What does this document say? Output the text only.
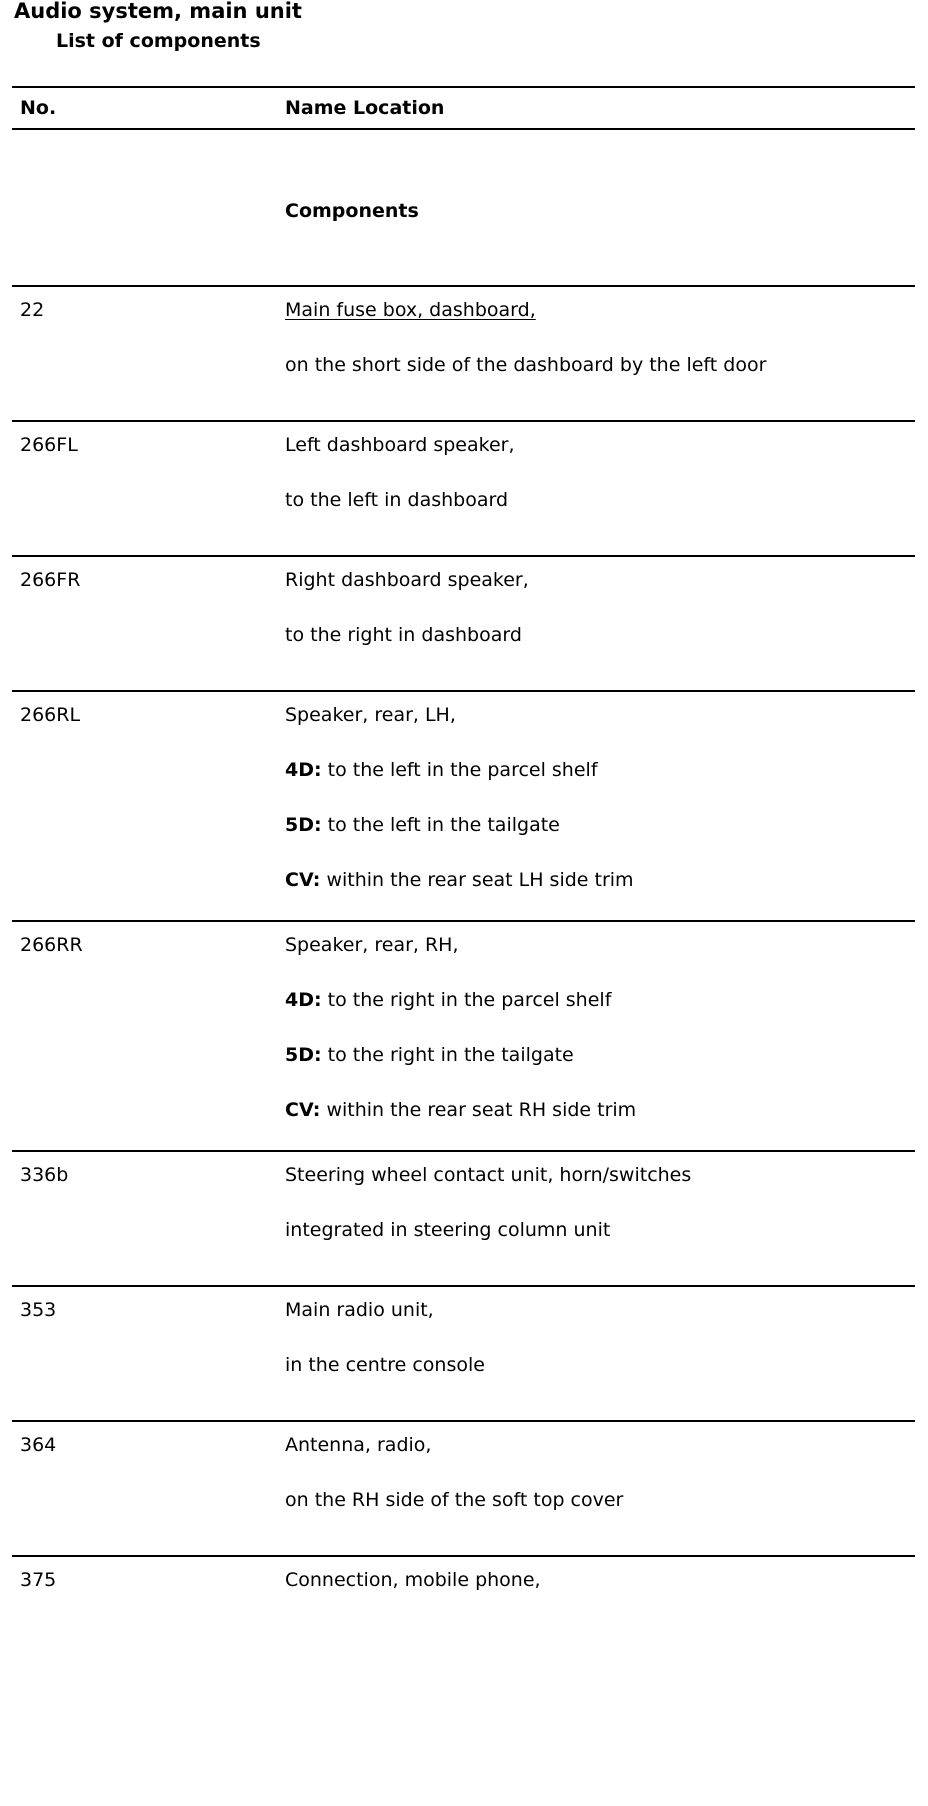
Audio system, main unit
List of components
No.	Name Location
Components
22	Main fuse box, dashboard,
on the short side of the dashboard by the left door
266FL	Left dashboard speaker,
to the left in dashboard
266FR	Right dashboard speaker,
to the right in dashboard
266RL	Speaker, rear, LH,
4D: to the left in the parcel shelf
5D: to the left in the tailgate
CV: within the rear seat LH side trim
266RR	Speaker, rear, RH,
4D: to the right in the parcel shelf
5D: to the right in the tailgate
CV: within the rear seat RH side trim
336b	Steering wheel contact unit, horn/switches
integrated in steering column unit
353	Main radio unit,
in the centre console
364	Antenna, radio,
on the RH side of the soft top cover
375	Connection, mobile phone,
